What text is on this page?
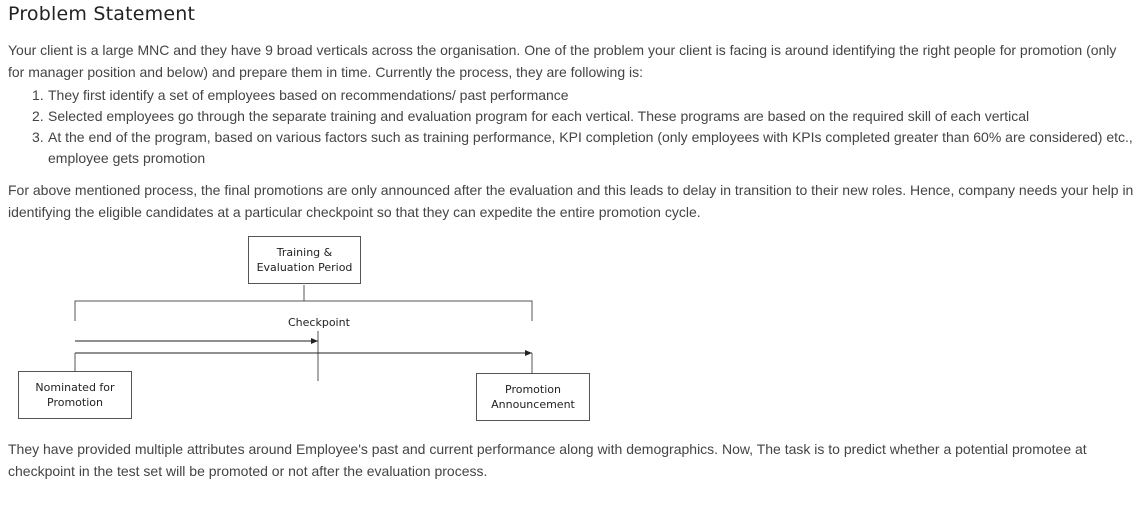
Problem Statement

Your client is a large MNC and they have 9 broad verticals across the organisation. One of the problem your client is facing is around identifying the right people for promotion (only for manager position and below) and prepare them in time. Currently the process, they are following is:

1. They first identify a set of employees based on recommendations/ past performance
2. Selected employees go through the separate training and evaluation program for each vertical. These programs are based on the required skill of each vertical
3. At the end of the program, based on various factors such as training performance, KPI completion (only employees with KPIs completed greater than 60% are considered) etc., employee gets promotion

For above mentioned process, the final promotions are only announced after the evaluation and this leads to delay in transition to their new roles. Hence, company needs your help in identifying the eligible candidates at a particular checkpoint so that they can expedite the entire promotion cycle.

Training &
Evaluation Period
Checkpoint
Nominated for
Promotion
Promotion
Announcement

They have provided multiple attributes around Employee's past and current performance along with demographics. Now, The task is to predict whether a potential promotee at checkpoint in the test set will be promoted or not after the evaluation process.
